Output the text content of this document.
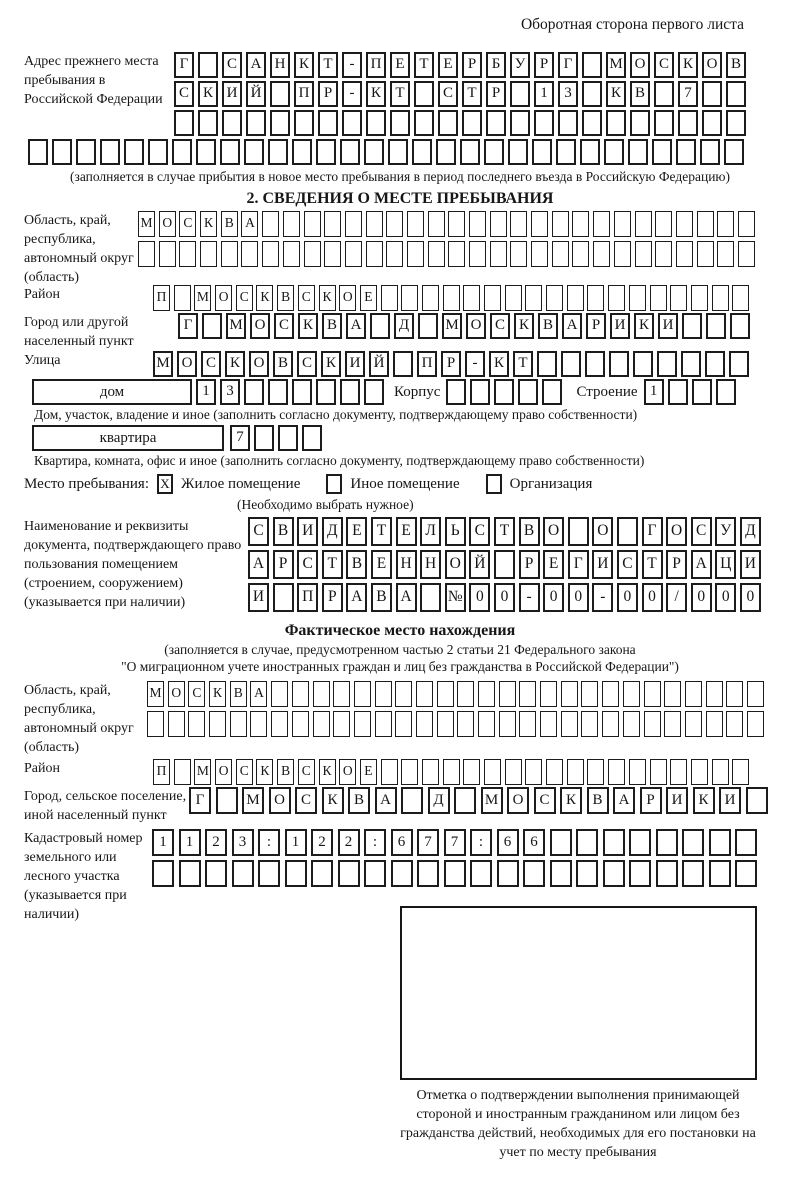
Оборотная сторона первого листа
Адрес прежнего места пребывания в Российской Федерации
Г	С А Н К Т	-	П Е Т Е	Р	Б У Р	Г	М О С К О В
С К И Й	П Р	-	К Т	С Т	Р	1	3	К В	7
(заполняется в случае прибытия в новое место пребывания в период последнего въезда в Российскую Федерацию)
2. СВЕДЕНИЯ О МЕСТЕ ПРЕБЫВАНИЯ
Область, край, республика, автономный округ (область)
М О С К В А
Район	П М О С К В С К О Е
Город или другой населенный пункт
Г	М О С К В А	Д	М О С К В А Р И К И
Улица	М О С К О В С К И Й	П Р	-	К Т
дом	1	3	Корпус	Строение 1
Дом, участок, владение и иное (заполнить согласно документу, подтверждающему право собственности)
квартира	7
Квартира, комната, офис и иное (заполнить согласно документу, подтверждающему право собственности)
Место пребывания: X Жилое помещение	Иное помещение	Организация
(Необходимо выбрать нужное)
Наименование и реквизиты документа, подтверждающего право пользования помещением (строением, сооружением) (указывается при наличии)
С В И Д Е Т Е Л Ь С Т В О	О	Г О С У Д
А Р С Т В Е Н Н О Й	Р	Е Г И С Т	Р А Ц И
И	П Р А В А	№ 0	0	-	0	0	-	0	0	/	0	0	0
Фактическое место нахождения
(заполняется в случае, предусмотренном частью 2 статьи 21 Федерального закона
"О миграционном учете иностранных граждан и лиц без гражданства в Российской Федерации")
Область, край, республика, автономный округ (область)
М О С К В А
Район	П М О С К В С К О Е
Город, сельское поселение, иной населенный пункт
Г	М О	С	К	В	А	Д	М О	С	К	В	А	Р	И	К	И
Кадастровый номер земельного или лесного участка (указывается при наличии)
1	1	2	3	:	1	2	2	:	6	7	7	:	6	6
Отметка о подтверждении выполнения принимающей стороной и иностранным гражданином или лицом без гражданства действий, необходимых для его постановки на учет по месту пребывания
